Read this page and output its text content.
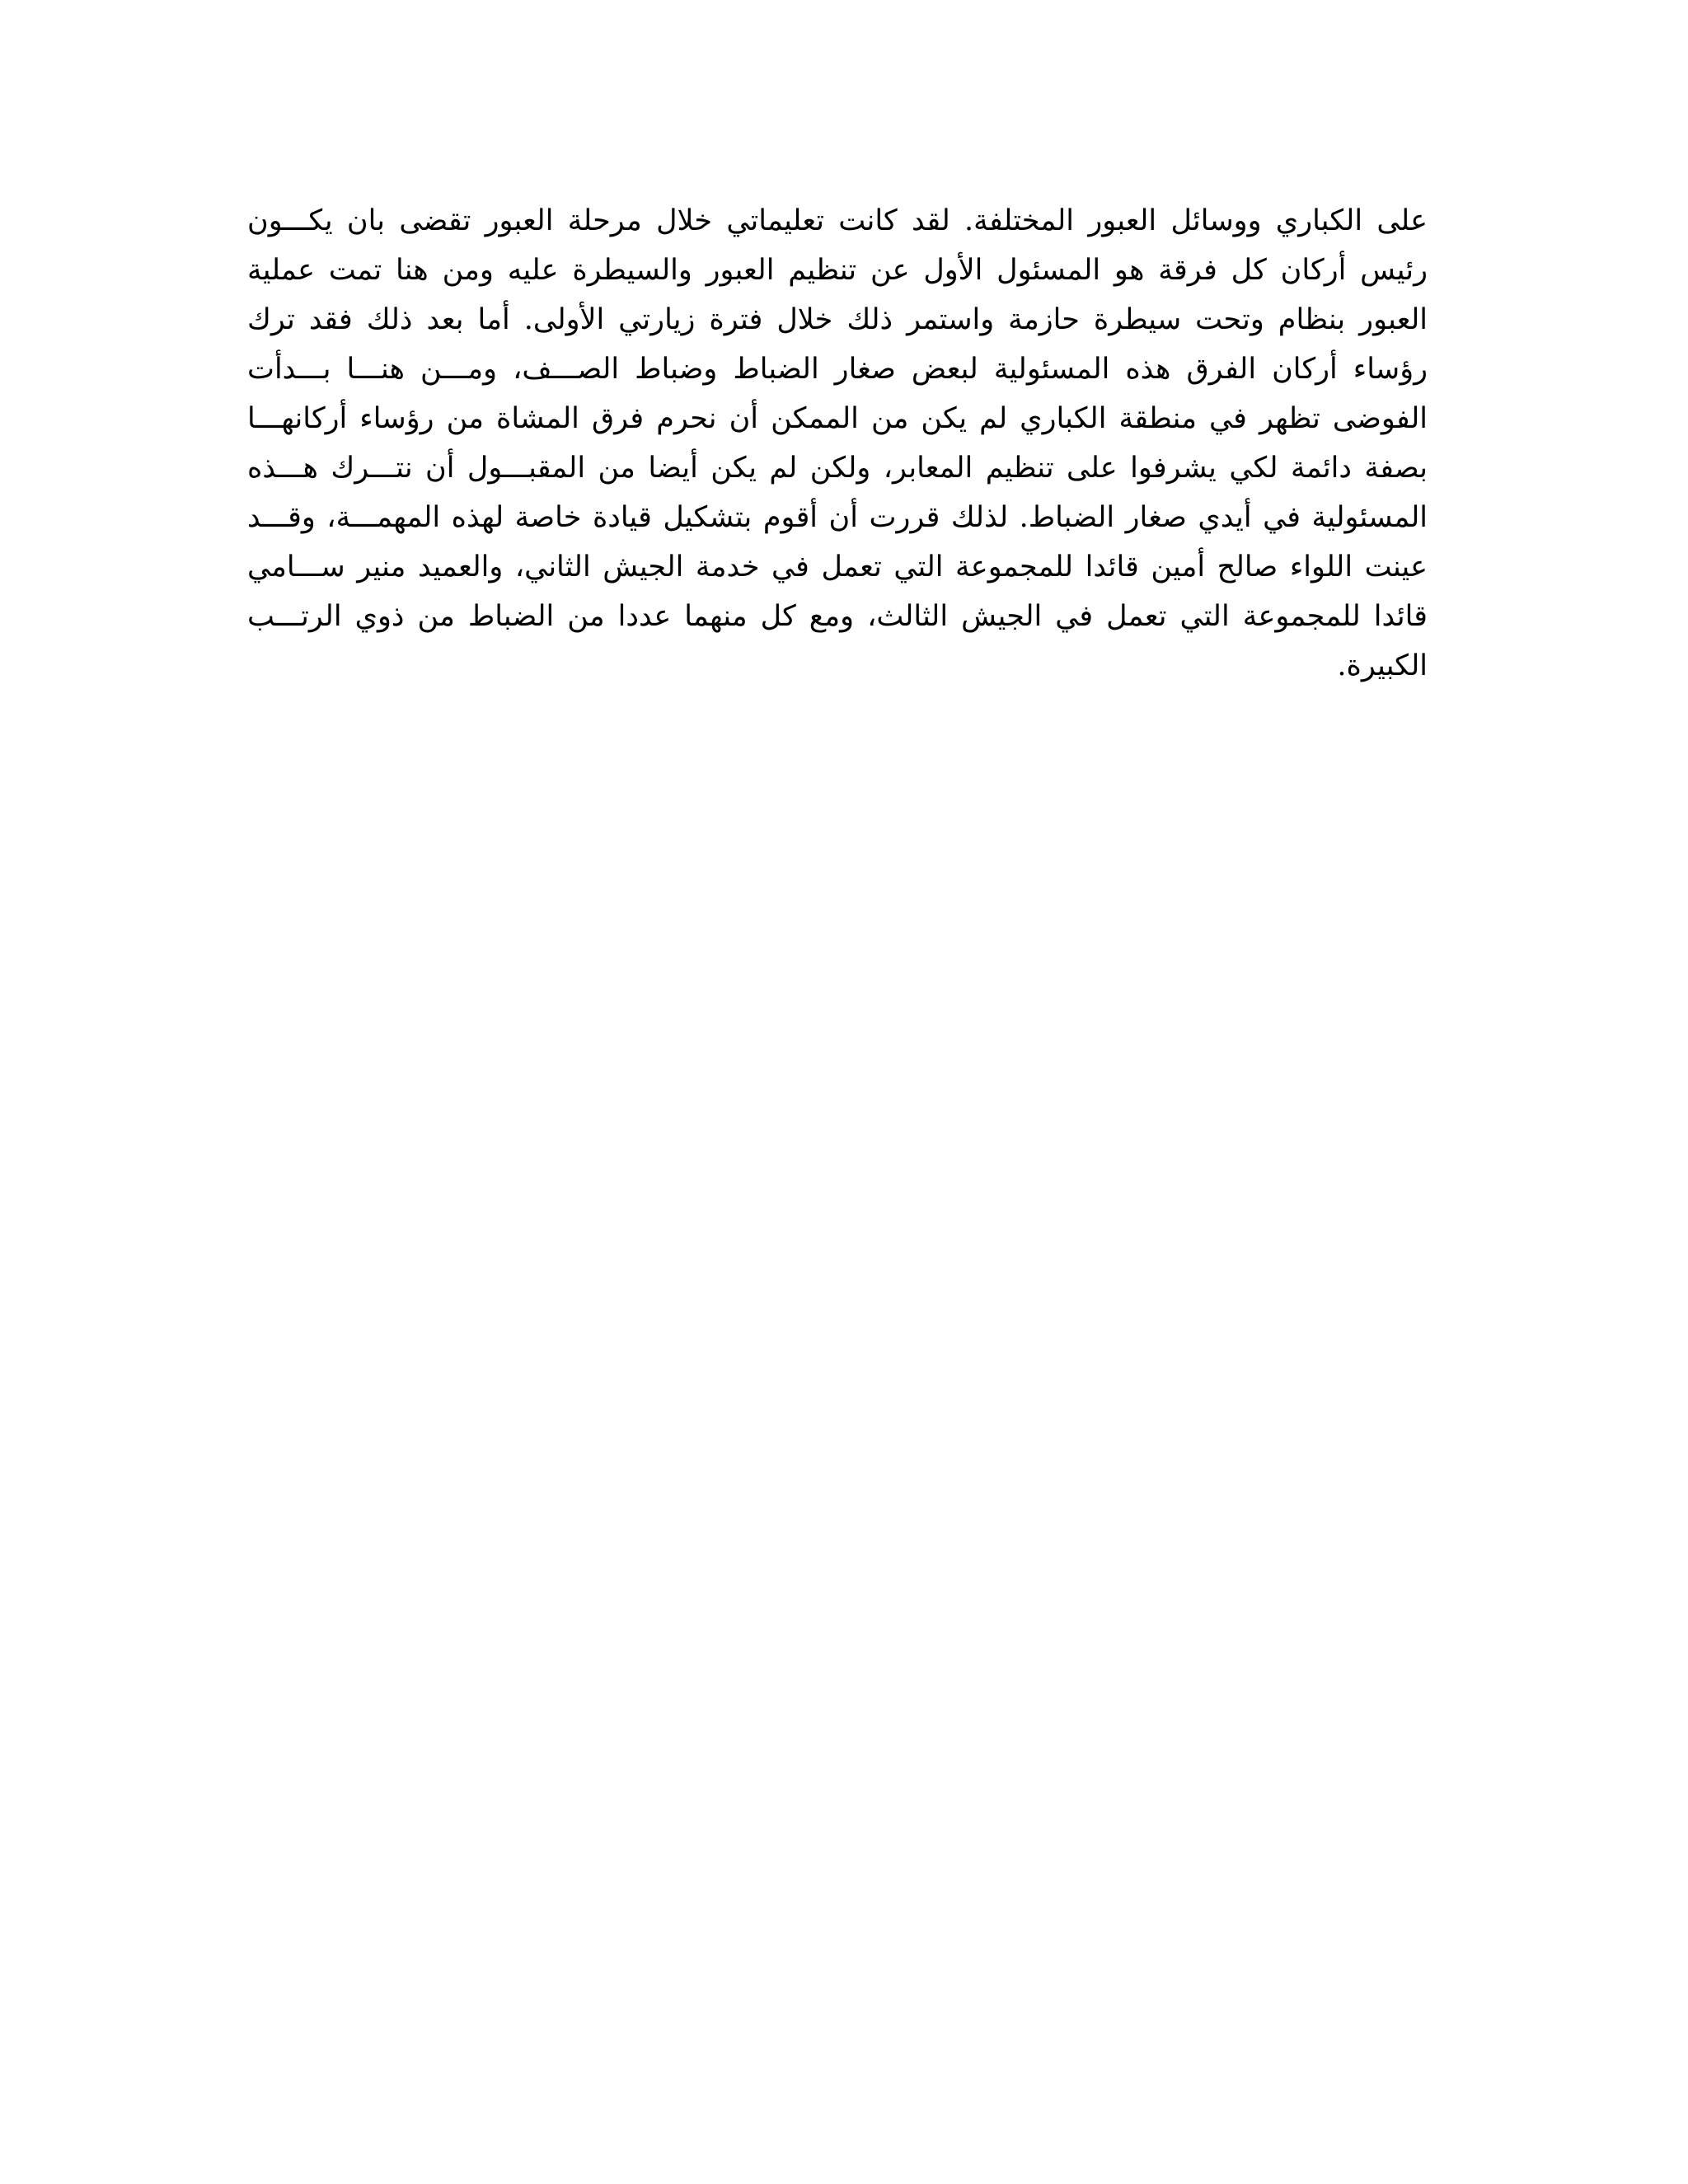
على الكباري ووسائل العبور المختلفة. لقد كانت تعليماتي خلال مرحلة العبور تقضى بان يكـــون
رئيس أركان كل فرقة هو المسئول الأول عن تنظيم العبور والسيطرة عليه ومن هنا تمت عملية
العبور بنظام وتحت سيطرة حازمة واستمر ذلك خلال فترة زيارتي الأولى. أما بعد ذلك فقد ترك
رؤساء أركان الفرق هذه المسئولية لبعض صغار الضباط وضباط الصـــف، ومـــن هنـــا بـــدأت
الفوضى تظهر في منطقة الكباري لم يكن من الممكن أن نحرم فرق المشاة من رؤساء أركانهـــا
بصفة دائمة لكي يشرفوا على تنظيم المعابر، ولكن لم يكن أيضا من المقبـــول أن نتـــرك هـــذه
المسئولية في أيدي صغار الضباط. لذلك قررت أن أقوم بتشكيل قيادة خاصة لهذه المهمـــة، وقـــد
عينت اللواء صالح أمين قائدا للمجموعة التي تعمل في خدمة الجيش الثاني، والعميد منير ســـامي
قائدا للمجموعة التي تعمل في الجيش الثالث، ومع كل منهما عددا من الضباط من ذوي الرتـــب
الكبيرة.
